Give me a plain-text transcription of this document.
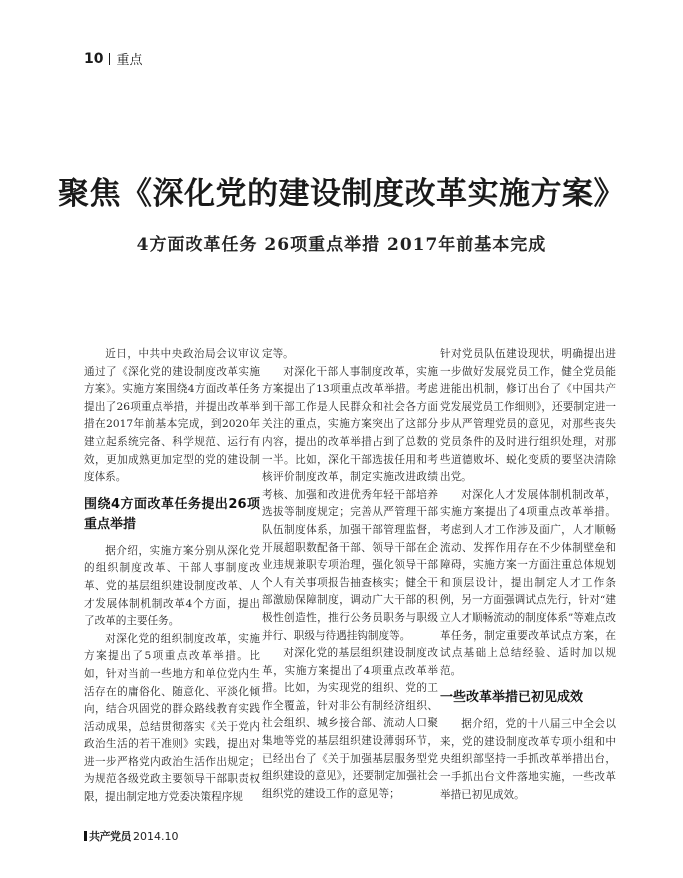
10 重点
聚焦《深化党的建设制度改革实施方案》
4方面改革任务 26项重点举措 2017年前基本完成

近日，中共中央政治局会议审议通过了《深化党的建设制度改革实施方案》。实施方案围绕4方面改革任务提出了26项重点举措，并提出改革举措在2017年前基本完成，到2020年建立起系统完备、科学规范、运行有效，更加成熟更加定型的党的建设制度体系。

围绕4方面改革任务提出26项重点举措

据介绍，实施方案分别从深化党的组织制度改革、干部人事制度改革、党的基层组织建设制度改革、人才发展体制机制改革4个方面，提出了改革的主要任务。

对深化党的组织制度改革，实施方案提出了5项重点改革举措。比如，针对当前一些地方和单位党内生活存在的庸俗化、随意化、平淡化倾向，结合巩固党的群众路线教育实践活动成果，总结贯彻落实《关于党内政治生活的若干准则》实践，提出对进一步严格党内政治生活作出规定；为规范各级党政主要领导干部职责权限，提出制定地方党委决策程序规

定等。

对深化干部人事制度改革，实施方案提出了13项重点改革举措。考虑到干部工作是人民群众和社会各方面关注的重点，实施方案突出了这部分内容，提出的改革举措占到了总数的一半。比如，深化干部选拔任用和考核评价制度改革，制定实施改进政绩考核、加强和改进优秀年轻干部培养选拔等制度规定；完善从严管理干部队伍制度体系，加强干部管理监督，开展超职数配备干部、领导干部在企业违规兼职专项治理，强化领导干部个人有关事项报告抽查核实；健全干部激励保障制度，调动广大干部的积极性创造性，推行公务员职务与职级并行、职级与待遇挂钩制度等。

对深化党的基层组织建设制度改革，实施方案提出了4项重点改革举措。比如，为实现党的组织、党的工作全覆盖，针对非公有制经济组织、社会组织、城乡接合部、流动人口聚集地等党的基层组织建设薄弱环节，已经出台了《关于加强基层服务型党组织建设的意见》，还要制定加强社会组织党的建设工作的意见等；

针对党员队伍建设现状，明确提出进一步做好发展党员工作，健全党员能进能出机制，修订出台了《中国共产党发展党员工作细则》，还要制定进一步从严管理党员的意见，对那些丧失党员条件的及时进行组织处理，对那些道德败坏、蜕化变质的要坚决清除出党。

对深化人才发展体制机制改革，实施方案提出了4项重点改革举措。考虑到人才工作涉及面广，人才顺畅流动、发挥作用存在不少体制壁垒和障碍，实施方案一方面注重总体规划和顶层设计，提出制定人才工作条例，另一方面强调试点先行，针对“建立人才顺畅流动的制度体系”等难点改革任务，制定重要改革试点方案，在试点基础上总结经验、适时加以规范。

一些改革举措已初见成效

据介绍，党的十八届三中全会以来，党的建设制度改革专项小组和中央组织部坚持一手抓改革举措出台，一手抓出台文件落地实施，一些改革举措已初见成效。

共产党员 2014.10
